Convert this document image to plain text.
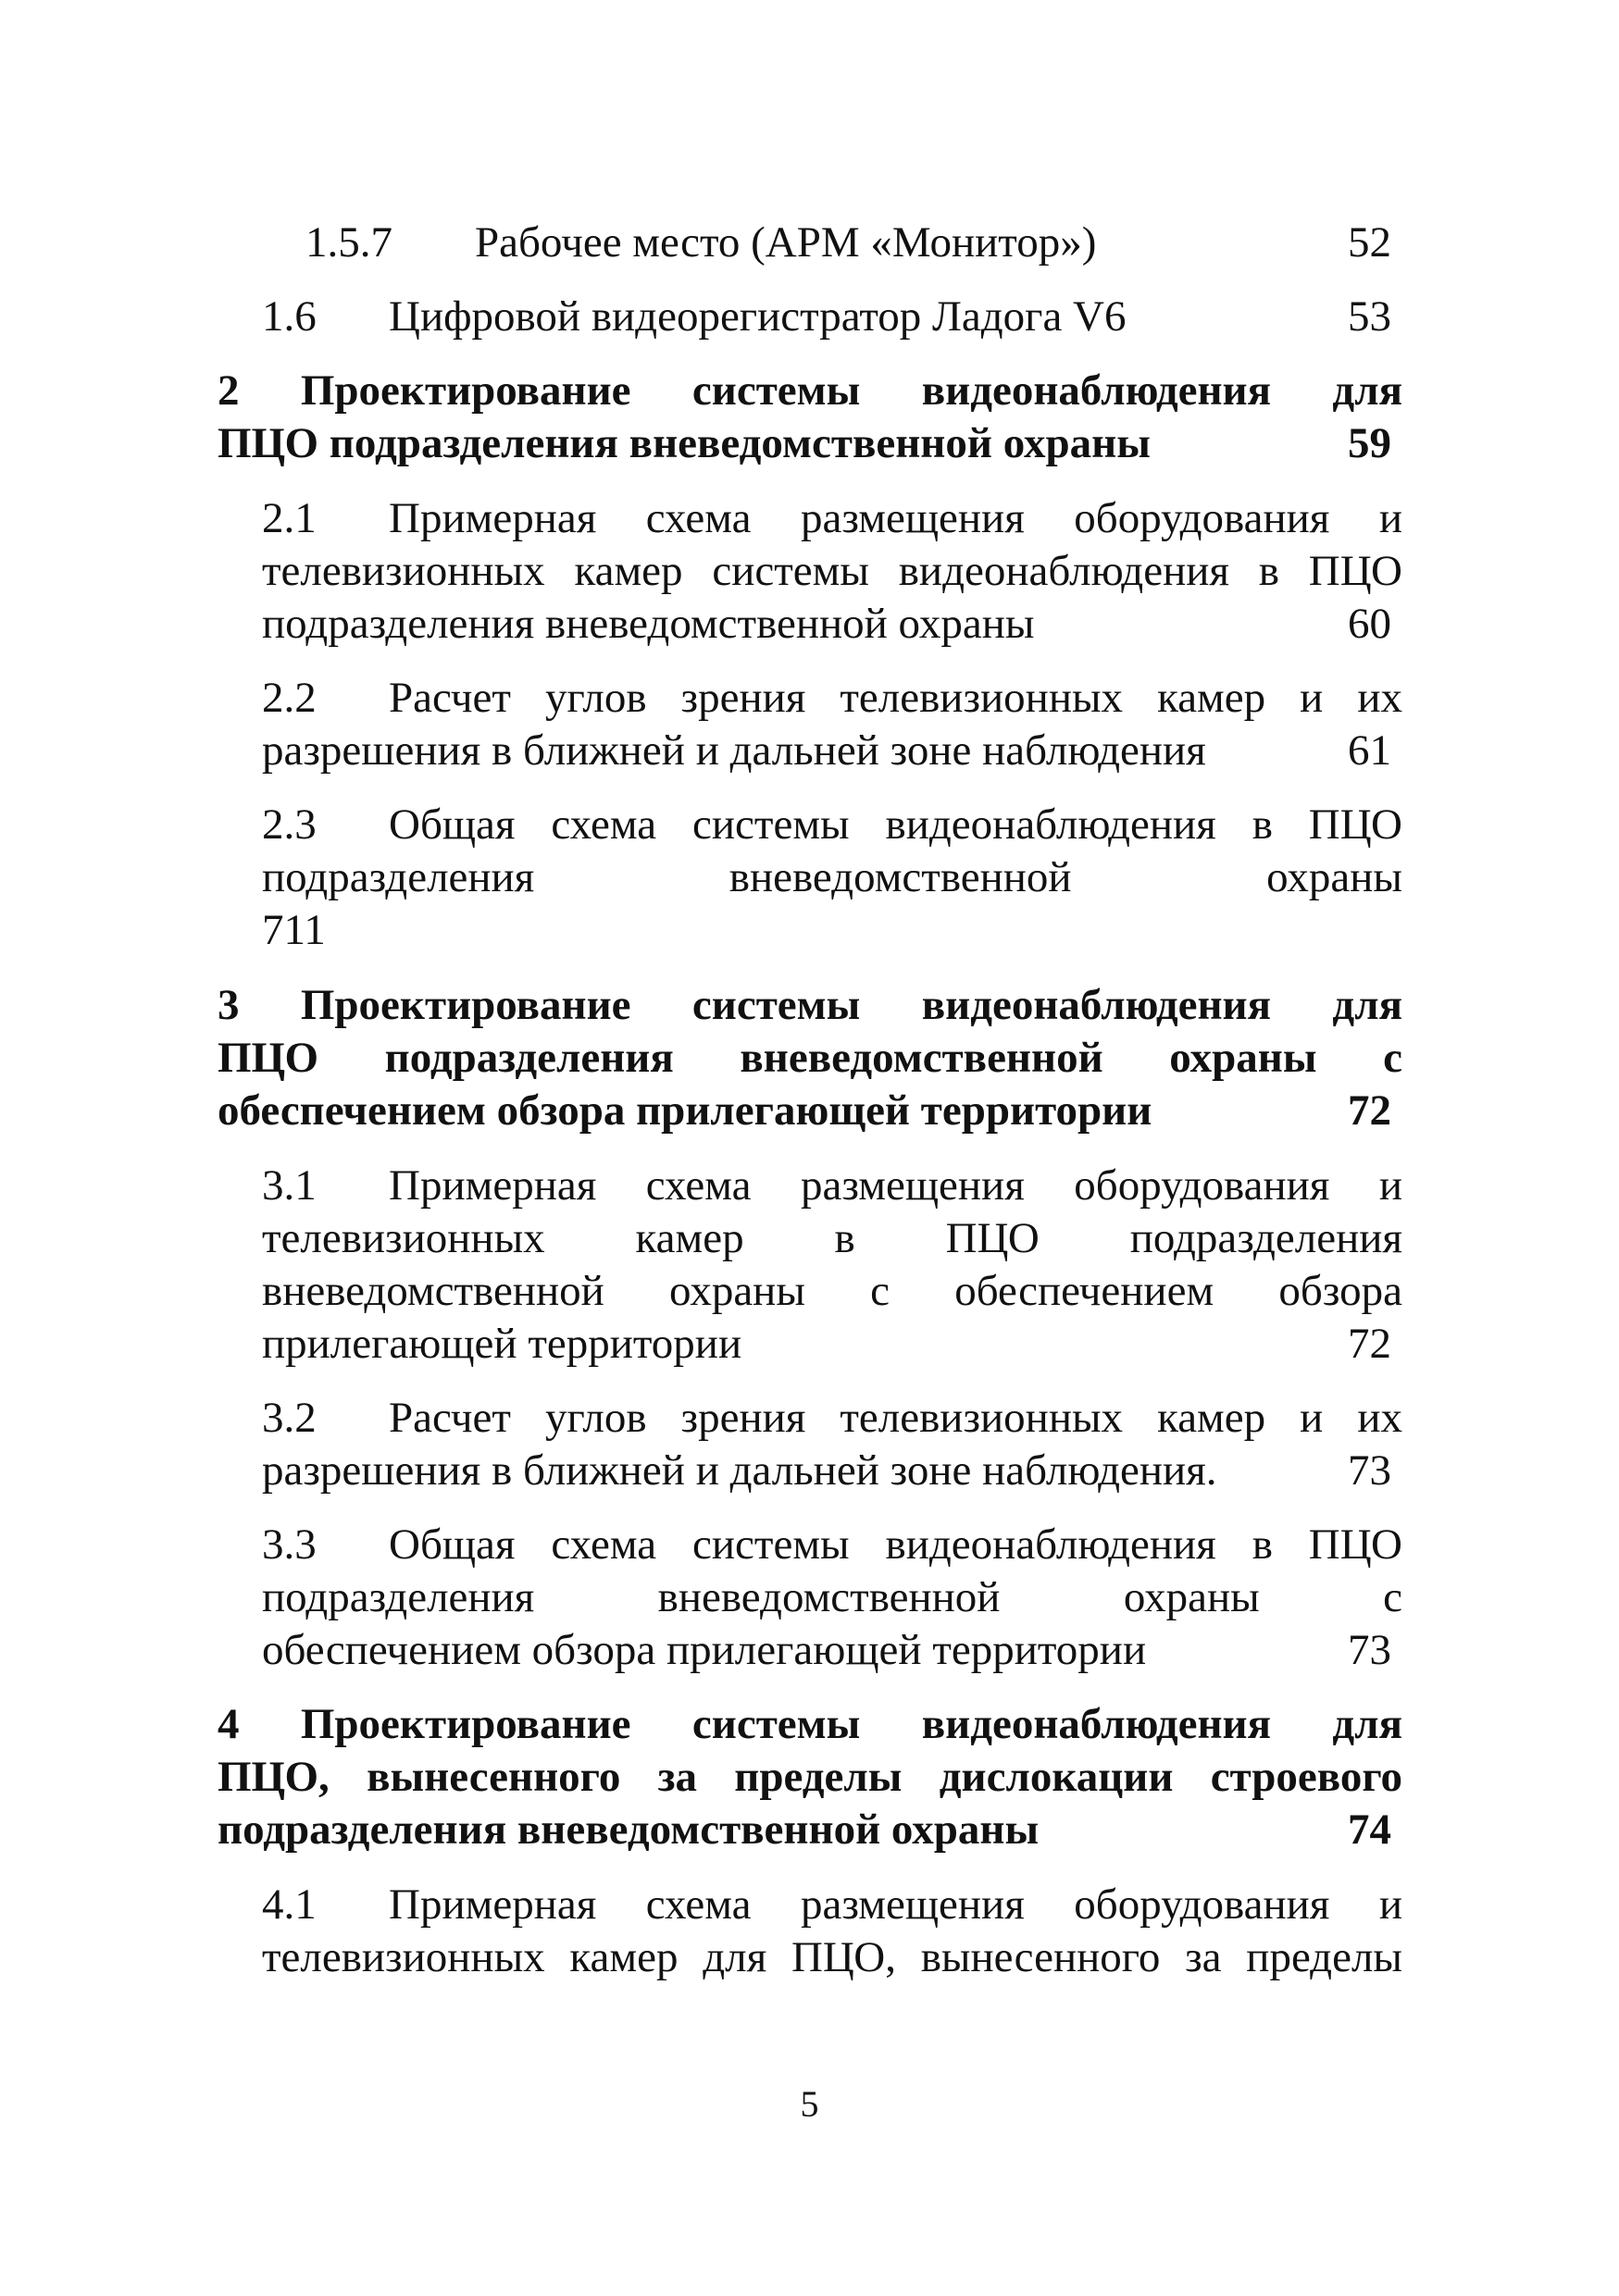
1.5.7 Рабочее место (АРМ «Монитор»)	52
1.6 Цифровой видеорегистратор Ладога V6	53
2 Проектирование системы видеонаблюдения для
ПЦО подразделения вневедомственной охраны	59
2.1 Примерная схема размещения оборудования и
телевизионных камер системы видеонаблюдения в ПЦО
подразделения вневедомственной охраны	60
2.2 Расчет углов зрения телевизионных камер и их
разрешения в ближней и дальней зоне наблюдения	61
2.3 Общая схема системы видеонаблюдения в ПЦО
подразделения вневедомственной охраны
711
3 Проектирование системы видеонаблюдения для
ПЦО подразделения вневедомственной охраны с
обеспечением обзора прилегающей территории	72
3.1 Примерная схема размещения оборудования и
телевизионных камер в ПЦО подразделения
вневедомственной охраны с обеспечением обзора
прилегающей территории	72
3.2 Расчет углов зрения телевизионных камер и их
разрешения в ближней и дальней зоне наблюдения.	73
3.3 Общая схема системы видеонаблюдения в ПЦО
подразделения вневедомственной охраны с
обеспечением обзора прилегающей территории	73
4 Проектирование системы видеонаблюдения для
ПЦО, вынесенного за пределы дислокации строевого
подразделения вневедомственной охраны	74
4.1 Примерная схема размещения оборудования и
телевизионных камер для ПЦО, вынесенного за пределы
5
